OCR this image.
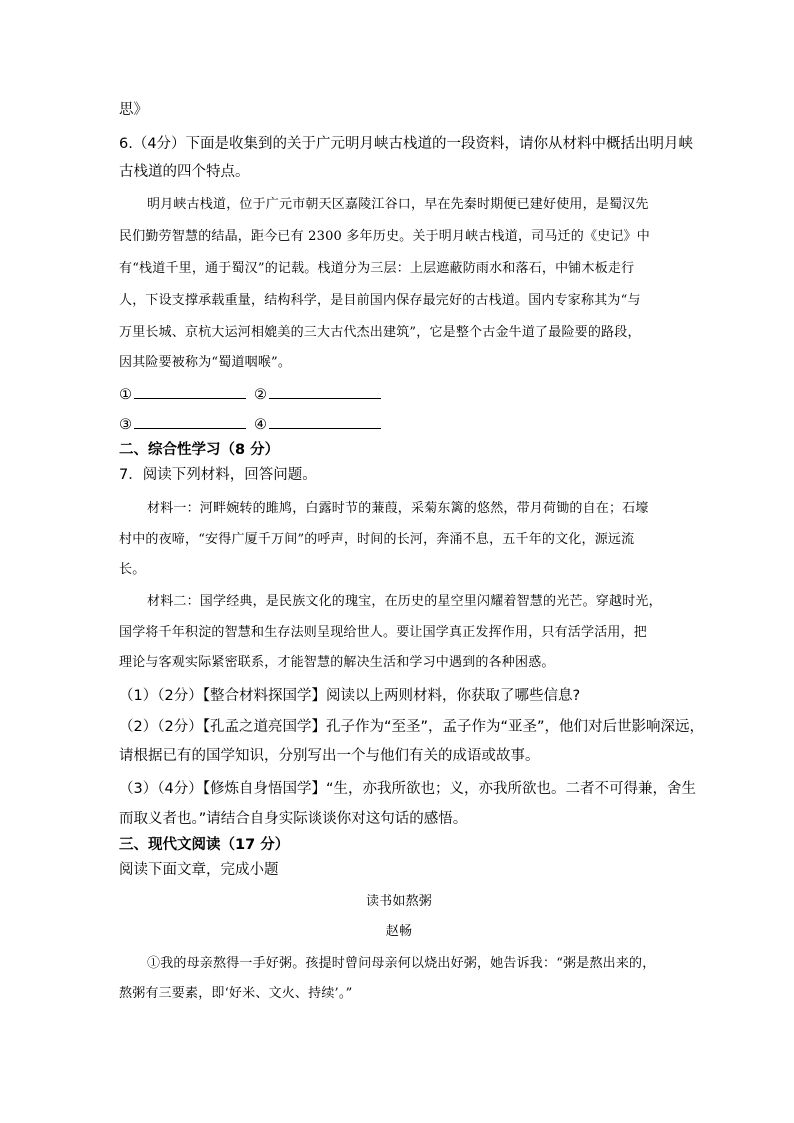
思》
6.（4分）下面是收集到的关于广元明月峡古栈道的一段资料，请你从材料中概括出明月峡
古栈道的四个特点。
明月峡古栈道，位于广元市朝天区嘉陵江谷口，早在先秦时期便已建好使用，是蜀汉先
民们勤劳智慧的结晶，距今已有 2300 多年历史。关于明月峡古栈道，司马迁的《史记》中
有“栈道千里，通于蜀汉”的记载。栈道分为三层：上层遮蔽防雨水和落石，中铺木板走行
人，下设支撑承载重量，结构科学，是目前国内保存最完好的古栈道。国内专家称其为“与
万里长城、京杭大运河相媲美的三大古代杰出建筑”，它是整个古金牛道了最险要的路段，
因其险要被称为“蜀道咽喉”。
①	②
③	④
二、综合性学习（8 分）
7．阅读下列材料，回答问题。
材料一：河畔婉转的雎鸠，白露时节的蒹葭，采菊东篱的悠然，带月荷锄的自在；石壕
村中的夜啼，“安得广厦千万间”的呼声，时间的长河，奔涌不息，五千年的文化，源远流
长。
材料二：国学经典，是民族文化的瑰宝，在历史的星空里闪耀着智慧的光芒。穿越时光，
国学将千年积淀的智慧和生存法则呈现给世人。要让国学真正发挥作用，只有活学活用，把
理论与客观实际紧密联系，才能智慧的解决生活和学习中遇到的各种困惑。
（1）（2分）【整合材料探国学】阅读以上两则材料，你获取了哪些信息?
（2）（2分）【孔孟之道亮国学】孔子作为“至圣”，孟子作为“亚圣”，他们对后世影响深远，
请根据已有的国学知识，分别写出一个与他们有关的成语或故事。
（3）（4分）【修炼自身悟国学】“生，亦我所欲也；义，亦我所欲也。二者不可得兼，舍生
而取义者也。”请结合自身实际谈谈你对这句话的感悟。
三、现代文阅读（17 分）
阅读下面文章，完成小题
读书如熬粥
赵畅
①我的母亲熬得一手好粥。孩提时曾问母亲何以烧出好粥，她告诉我：“粥是熬出来的，
熬粥有三要素，即‘好米、文火、持续’。”
